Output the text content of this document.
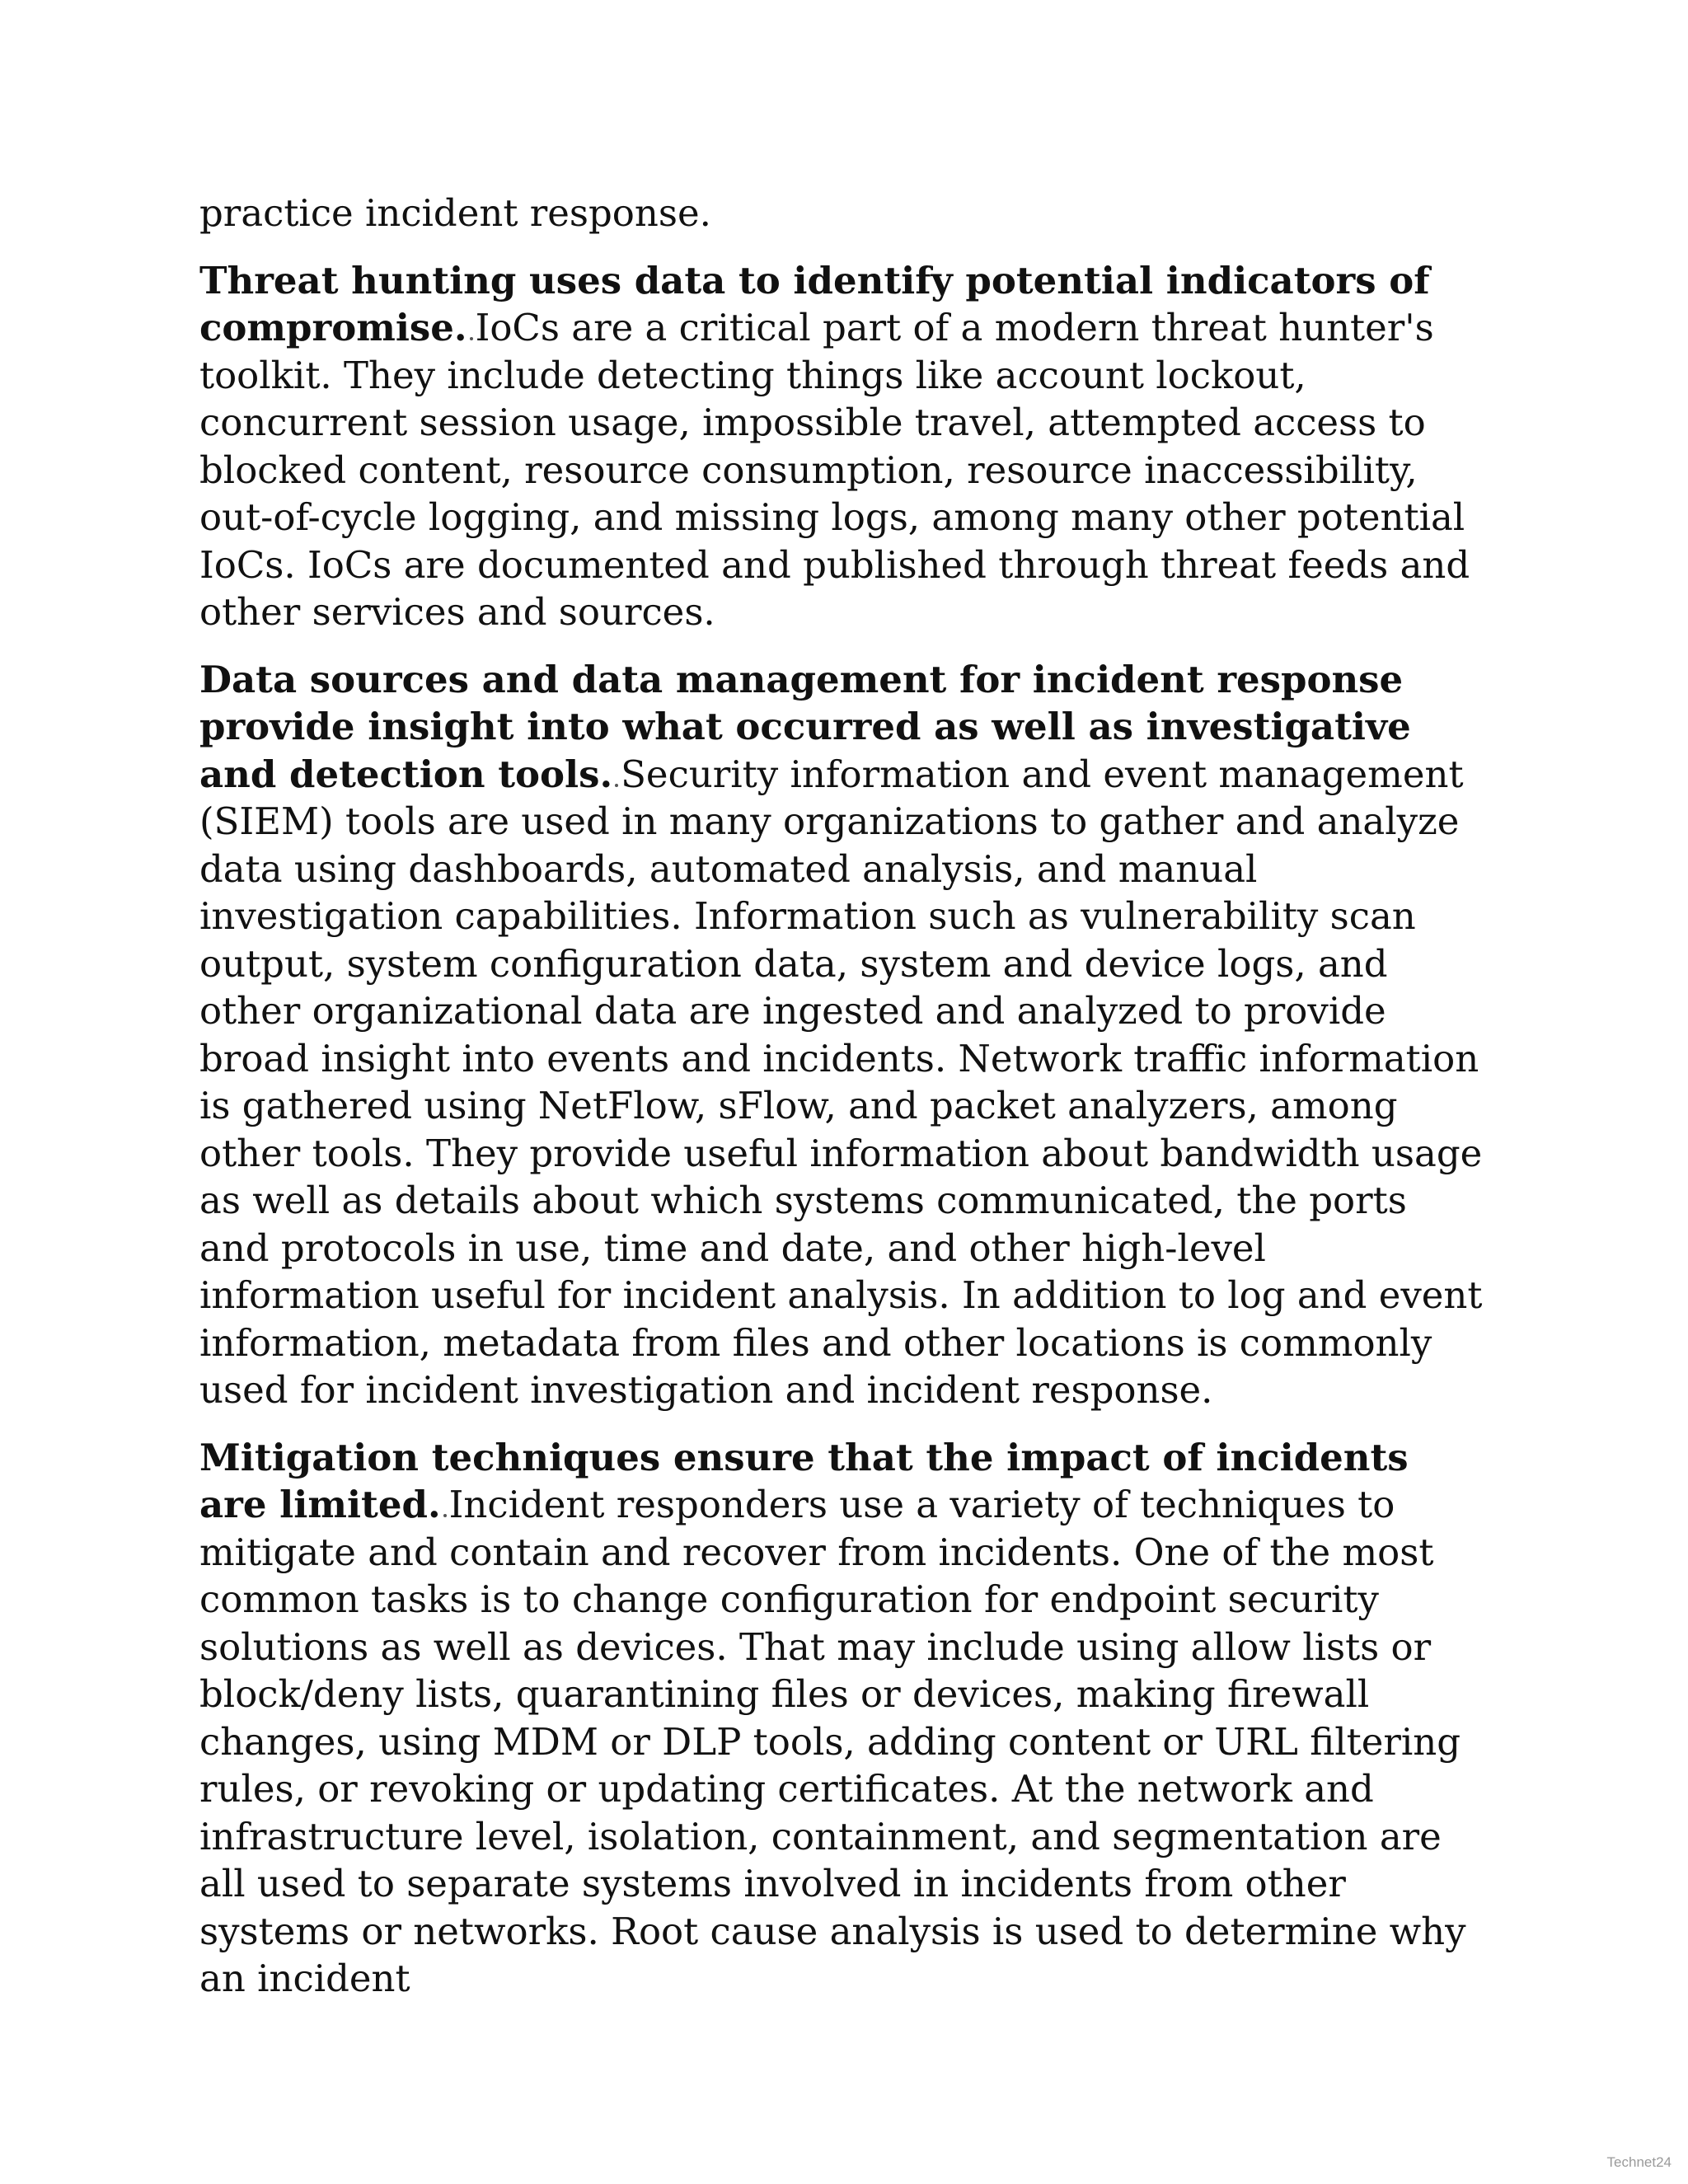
practice incident response.

Threat hunting uses data to identify potential indicators of compromise. IoCs are a critical part of a modern threat hunter's toolkit. They include detecting things like account lockout, concurrent session usage, impossible travel, attempted access to blocked content, resource consumption, resource inaccessibility, out-of-cycle logging, and missing logs, among many other potential IoCs. IoCs are documented and published through threat feeds and other services and sources.

Data sources and data management for incident response provide insight into what occurred as well as investigative and detection tools. Security information and event management (SIEM) tools are used in many organizations to gather and analyze data using dashboards, automated analysis, and manual investigation capabilities. Information such as vulnerability scan output, system configuration data, system and device logs, and other organizational data are ingested and analyzed to provide broad insight into events and incidents. Network traffic information is gathered using NetFlow, sFlow, and packet analyzers, among other tools. They provide useful information about bandwidth usage as well as details about which systems communicated, the ports and protocols in use, time and date, and other high-level information useful for incident analysis. In addition to log and event information, metadata from files and other locations is commonly used for incident investigation and incident response.

Mitigation techniques ensure that the impact of incidents are limited. Incident responders use a variety of techniques to mitigate and contain and recover from incidents. One of the most common tasks is to change configuration for endpoint security solutions as well as devices. That may include using allow lists or block/deny lists, quarantining files or devices, making firewall changes, using MDM or DLP tools, adding content or URL filtering rules, or revoking or updating certificates. At the network and infrastructure level, isolation, containment, and segmentation are all used to separate systems involved in incidents from other systems or networks. Root cause analysis is used to determine why an incident

Technet24
